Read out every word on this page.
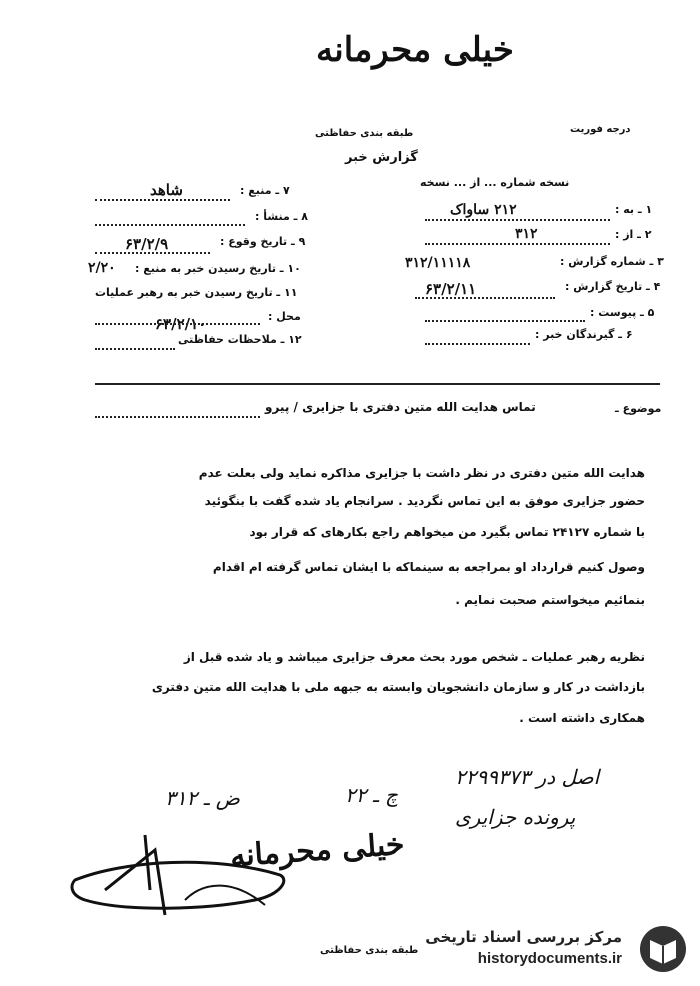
خیلی محرمانه
طبقه بندی حفاظتی	درجه فوریت
گزارش خبر
۷ ـ منبع :
شاهد
۸ ـ منشأ :
۹ ـ تاریخ وقوع :
۶۳/۲/۹
۱۰ ـ تاریخ رسیدن خبر به منبع :
۲/۲۰
۱۱ ـ تاریخ رسیدن خبر به رهبر عملیات
محل :
۶۳/۲/۱۰
۱۲ ـ ملاحظات حفاظتی
نسخه شماره ... از ... نسخه
۱ ـ به :
۲۱۲ ساواک
۲ ـ از :
۳۱۲
۳ ـ شماره گزارش :
۳۱۲/۱۱۱۱۸
۴ ـ تاریخ گزارش :
۶۳/۲/۱۱
۵ ـ پیوست :
۶ ـ گیرندگان خبر :
موضوع ـ
تماس هدایت الله متین دفتری با جزایری / پیرو
هدایت الله متین دفتری در نظر داشت با جزایری مذاکره نماید ولی بعلت عدم
حضور جزایری موفق به این تماس نگردید . سرانجام یاد شده گفت با بنگوئید
با شماره ۲۴۱۲۷ تماس بگیرد من میخواهم راجع بکارهای که قرار بود
وصول کنیم قرارداد او بمراجعه به سینماکه با ایشان تماس گرفته ام اقدام
بنمائیم میخواستم صحبت نمایم .
نظریه رهبر عملیات ـ شخص مورد بحث معرف جزایری میباشد و یاد شده قبل از
بازداشت در کار و سازمان دانشجویان وابسته به جبهه ملی با هدایت الله متین دفتری
همکاری داشته است .
اصل در ۲۲۹۹۳۷۳
پرونده جزایری
چ ـ ۲۲
ض ـ ۳۱۲
خیلی محرمانه
طبقه بندی حفاظتی
مرکز بررسی اسناد تاریخی
historydocuments.ir
